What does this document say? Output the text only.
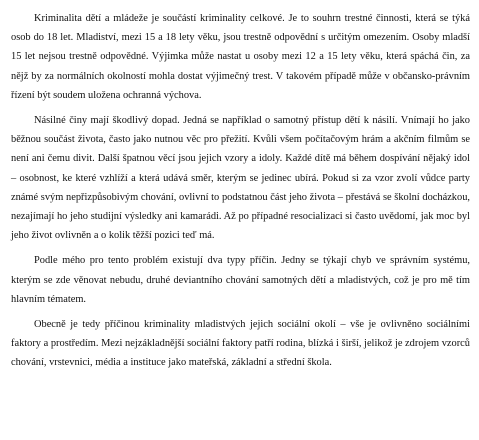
Kriminalita dětí a mládeže je součástí kriminality celkové. Je to souhrn trestné činnosti, která se týká osob do 18 let. Mladiství, mezi 15 a 18 lety věku, jsou trestně odpovědní s určitým omezením. Osoby mladší 15 let nejsou trestně odpovědné. Výjimka může nastat u osoby mezi 12 a 15 lety věku, která spáchá čin, za nějž by za normálních okolností mohla dostat výjimečný trest. V takovém případě může v občansko-právním řízení být soudem uložena ochranná výchova.

Násilné činy mají škodlivý dopad. Jedná se například o samotný přístup dětí k násilí. Vnímají ho jako běžnou součást života, často jako nutnou věc pro přežití. Kvůli všem počítačovým hrám a akčním filmům se není ani čemu divit. Další špatnou věcí jsou jejich vzory a idoly. Každé dítě má během dospívání nějaký idol – osobnost, ke které vzhlíží a která udává směr, kterým se jedinec ubírá. Pokud si za vzor zvolí vůdce party známé svým nepřizpůsobivým chování, ovlivní to podstatnou část jeho života – přestává se školní docházkou, nezajímají ho jeho studijní výsledky ani kamarádi. Až po případné resocializaci si často uvědomí, jak moc byl jeho život ovlivněn a o kolik těžší pozici teď má.

Podle mého pro tento problém existují dva typy příčin. Jedny se týkají chyb ve správním systému, kterým se zde věnovat nebudu, druhé deviantního chování samotných dětí a mladistvých, což je pro mě tím hlavním tématem.

Obecně je tedy příčinou kriminality mladistvých jejich sociální okolí – vše je ovlivněno sociálními faktory a prostředím. Mezi nejzákladnější sociální faktory patří rodina, blízká i širší, jelikož je zdrojem vzorců chování, vrstevnici, média a instituce jako mateřská, základní a střední škola.
